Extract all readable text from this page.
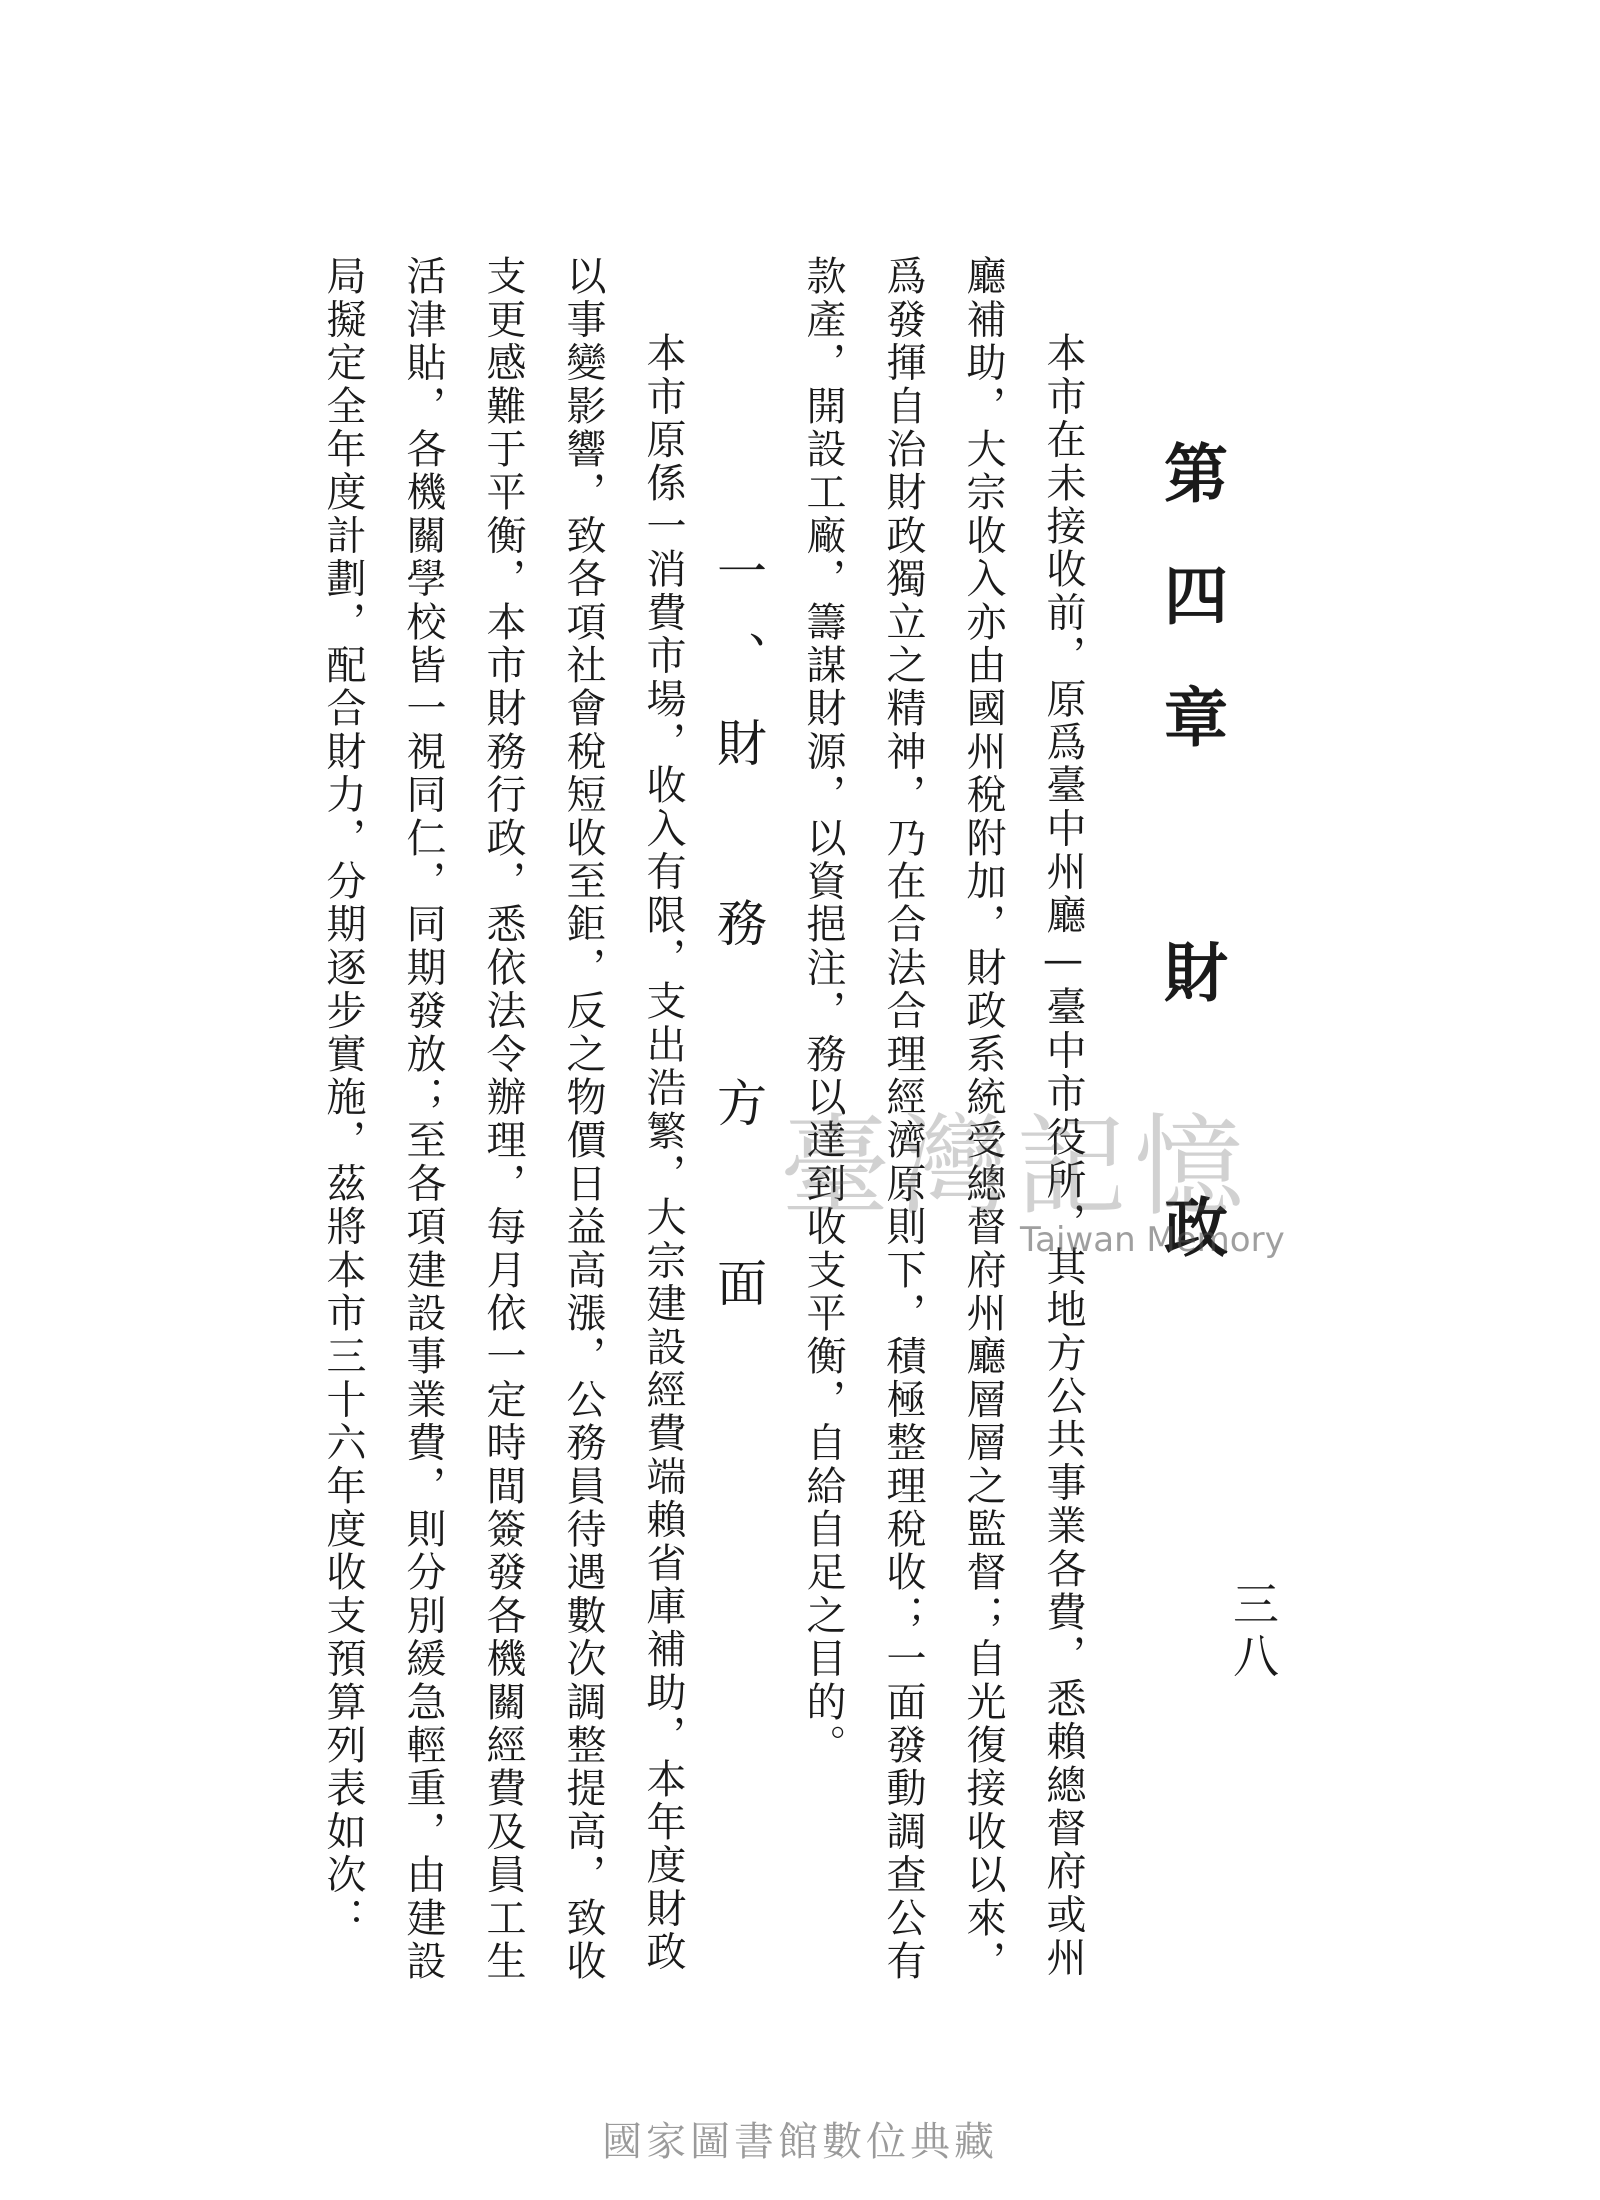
第四章 財 政
三八
本市在未接收前，原爲臺中州廳—臺中市役所，其地方公共事業各費，悉賴總督府或州
廳補助，大宗收入亦由國州稅附加，財政系統受總督府州廳層層之監督；自光復接收以來，
爲發揮自治財政獨立之精神，乃在合法合理經濟原則下，積極整理稅收；一面發動調查公有
款產，開設工廠，籌謀財源，以資挹注，務以達到收支平衡，自給自足之目的。
一、財 務 方 面
本市原係一消費市場，收入有限，支出浩繁，大宗建設經費端賴省庫補助，本年度財政
以事變影響，致各項社會稅短收至鉅，反之物價日益高漲，公務員待遇數次調整提高，致收
支更感難于平衡，本市財務行政，悉依法令辦理，每月依一定時間簽發各機關經費及員工生
活津貼，各機關學校皆一視同仁，同期發放；至各項建設事業費，則分別緩急輕重，由建設
局擬定全年度計劃，配合財力，分期逐步實施，茲將本市三十六年度收支預算列表如次：	臺灣記憶
Taiwan Memory
國家圖書館數位典藏
